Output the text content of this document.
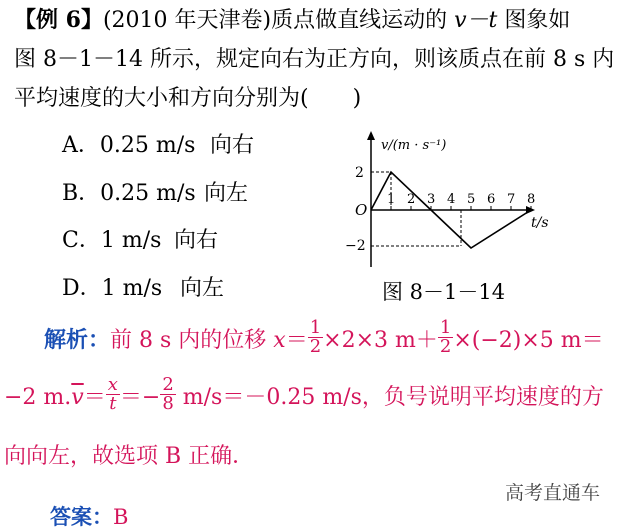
【例 6】(2010 年天津卷)质点做直线运动的 v－t 图象如
图 8－1－14 所示，规定向右为正方向，则该质点在前 8 s 内
平均速度的大小和方向分别为(　　)
A．0.25 m/s 向右
B．0.25 m/s 向左
C．1 m/s 向右
D．1 m/s 向左
v/(m · s⁻¹)
t/s
O
2
−2
1 2 3 4 5 6 7 8
图 8－1－14
解析：前 8 s 内的位移 $x= \frac{1}{2} \times 2\times 3$ $m+ \frac{1}{2} \times(-2)\times 5$ m＝
−2 $m.\overline{v}= \frac{x}{t} =- \frac{2}{8} m/s=-0.25$ m/s，负号说明平均速度的方
向向左，故选项 B 正确．
高考直通车
答案：B
